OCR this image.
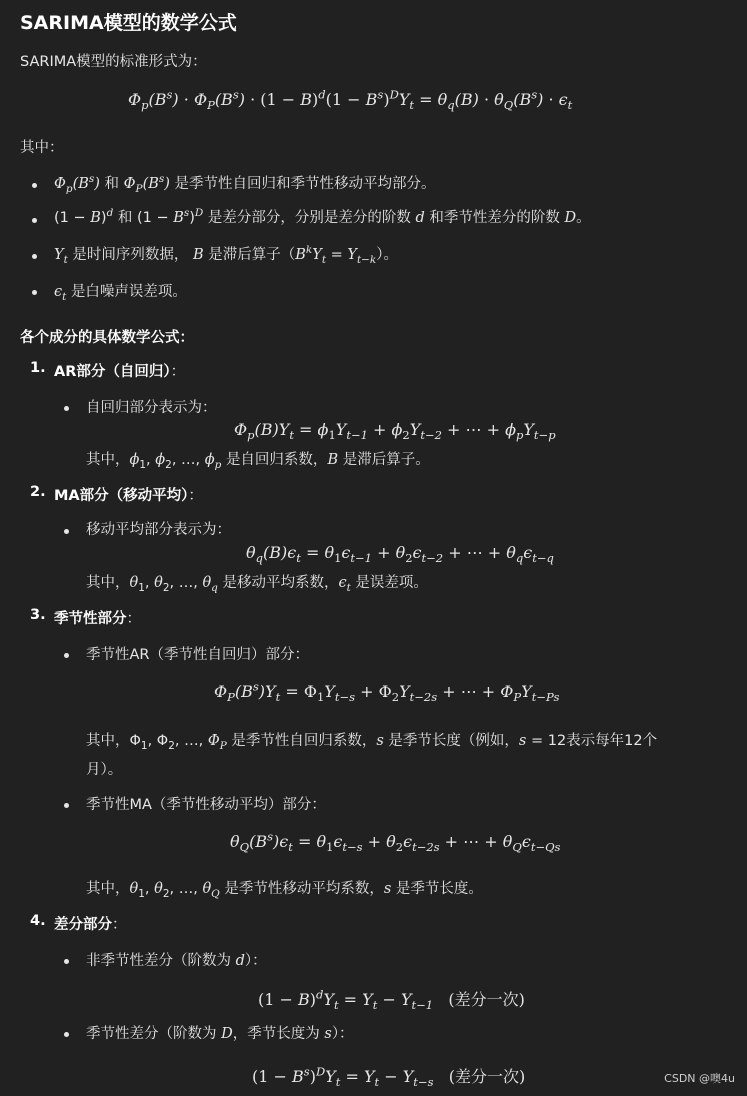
SARIMA模型的数学公式
SARIMA模型的标准形式为：
$\Phi_p(B^s) \cdot \Phi_P(B^s) \cdot (1 - B)^d(1 - B^s)^DY_t = \theta_q(B) \cdot \theta_Q(B^s) \cdot \epsilon_t$
其中：
$\Phi_p(B^s)$ 和 $\Phi_P(B^s)$ 是季节性自回归和季节性移动平均部分。
$(1 - B)^d$ 和 $(1 - B^s)^D$ 是差分部分，分别是差分的阶数 d 和季节性差分的阶数 D。
$Y_t$ 是时间序列数据， B 是滞后算子$(B^kY_t = Y_{t-k})$。
$\epsilon_t$ 是白噪声误差项。
各个成分的具体数学公式：
1. AR部分（自回归）：
自回归部分表示为：
$\Phi_p(B)Y_t = \phi_1Y_{t-1} + \phi_2Y_{t-2}$ + ⋯ + $\phi_pY_{t-p}$
其中，$\phi_1$, $\phi_2$, …, $\phi_p$ 是自回归系数，B 是滞后算子。
2. MA部分（移动平均）：
移动平均部分表示为：
$\theta_q(B)\epsilon_t = \theta_1\epsilon_{t-1} + \theta_2\epsilon_{t-2}$ + ⋯ + $\theta_q\epsilon_{t-q}$
其中，$\theta_1$, $\theta_2$, …, $\theta_q$ 是移动平均系数，$\epsilon_t$ 是误差项。
3. 季节性部分：
季节性AR（季节性自回归）部分：
$\Phi_P(B^s)Y_t = \Phi_1Y_{t-s} + \Phi_2Y_{t-2s}$ + ⋯ + $\Phi_PY_{t-Ps}$
其中，$\Phi_1$, $\Phi_2$, …, $\Phi_P$ 是季节性自回归系数，s 是季节长度（例如，s = 12表示每年12个
月）。
季节性MA（季节性移动平均）部分：
$\theta_Q(B^s)\epsilon_t = \theta_1\epsilon_{t-s} + \theta_2\epsilon_{t-2s}$ + ⋯ + $\theta_Q\epsilon_{t-Qs}$
其中，$\theta_1$, $\theta_2$, …, $\theta_Q$ 是季节性移动平均系数，s 是季节长度。
4. 差分部分：
非季节性差分（阶数为 d）：
$(1 - B)^dY_t = Y_t - Y_{t-1}$ (差分一次)
季节性差分（阶数为 D，季节长度为 s）：
$(1 - B^s)^DY_t = Y_t - Y_{t-s}$ (差分一次)	CSDN @噢4u
